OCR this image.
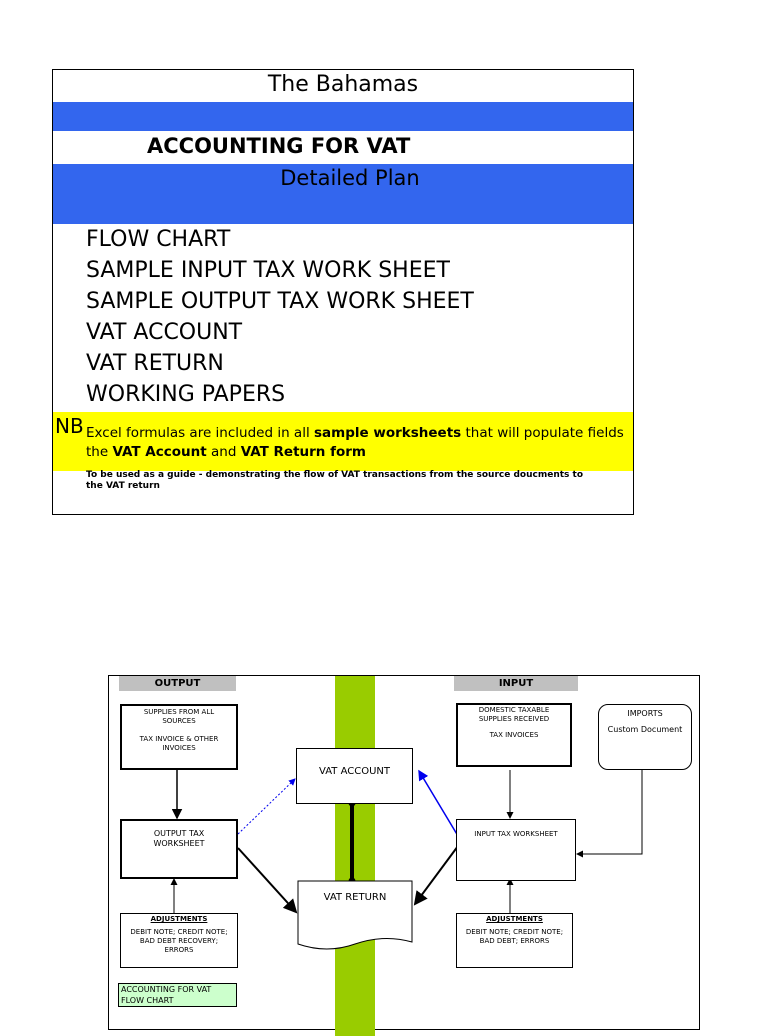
The Bahamas
ACCOUNTING FOR VAT
Detailed Plan
FLOW CHART
SAMPLE INPUT TAX WORK SHEET
SAMPLE OUTPUT TAX WORK SHEET
VAT ACCOUNT
VAT RETURN
WORKING PAPERS
NB Excel formulas are included in all sample worksheets that will populate fields
the VAT Account and VAT Return form
To be used as a guide - demonstrating the flow of VAT transactions from the source doucments to the VAT return
OUTPUT	INPUT
SUPPLIES FROM ALL
SOURCES
TAX INVOICE & OTHER
INVOICES
OUTPUT TAX
WORKSHEET
ADJUSTMENTS
DEBIT NOTE; CREDIT NOTE;
BAD DEBT RECOVERY;
ERRORS
ACCOUNTING FOR VAT
FLOW CHART
VAT ACCOUNT
VAT RETURN
DOMESTIC TAXABLE
SUPPLIES RECEIVED
TAX INVOICES
IMPORTS
Custom Document
INPUT TAX WORKSHEET
ADJUSTMENTS
DEBIT NOTE; CREDIT NOTE;
BAD DEBT; ERRORS
